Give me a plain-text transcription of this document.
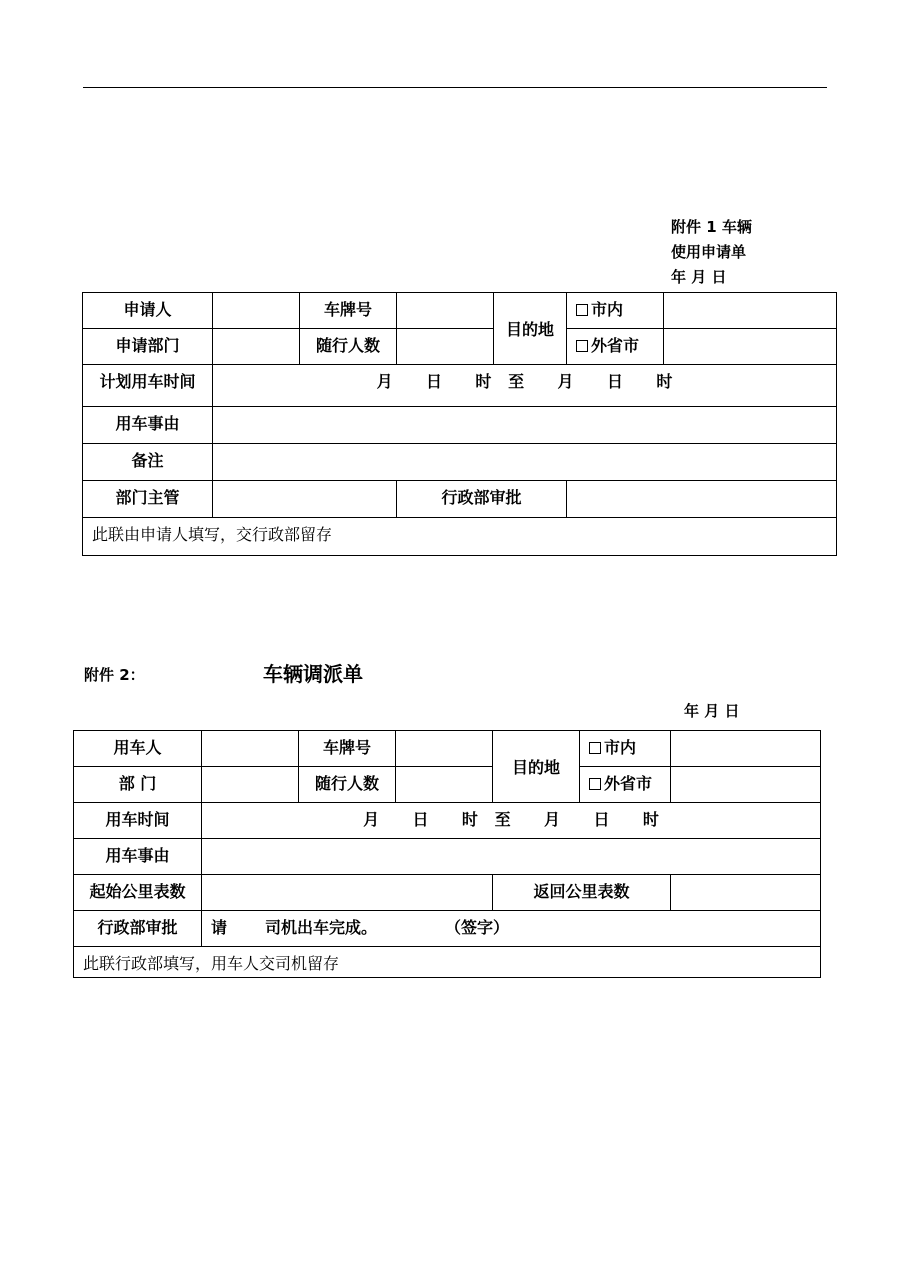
附件 1 车辆
使用申请单
年 月 日
申请人		车牌号		目的地	市内	
申请部门		随行人数			外省市	
计划用车时间	月      日      时   至      月      日      时					
用车事由						
备注						
部门主管			行政部审批			
此联由申请人填写，交行政部留存						
附件 2：	车辆调派单
年 月 日
用车人		车牌号		目的地	市内	
部 门		随行人数			外省市	
用车时间	月      日      时   至      月      日      时					
用车事由						
起始公里表数				返回公里表数		
行政部审批	请 司机出车完成。 （签字）					
此联行政部填写，用车人交司机留存						
